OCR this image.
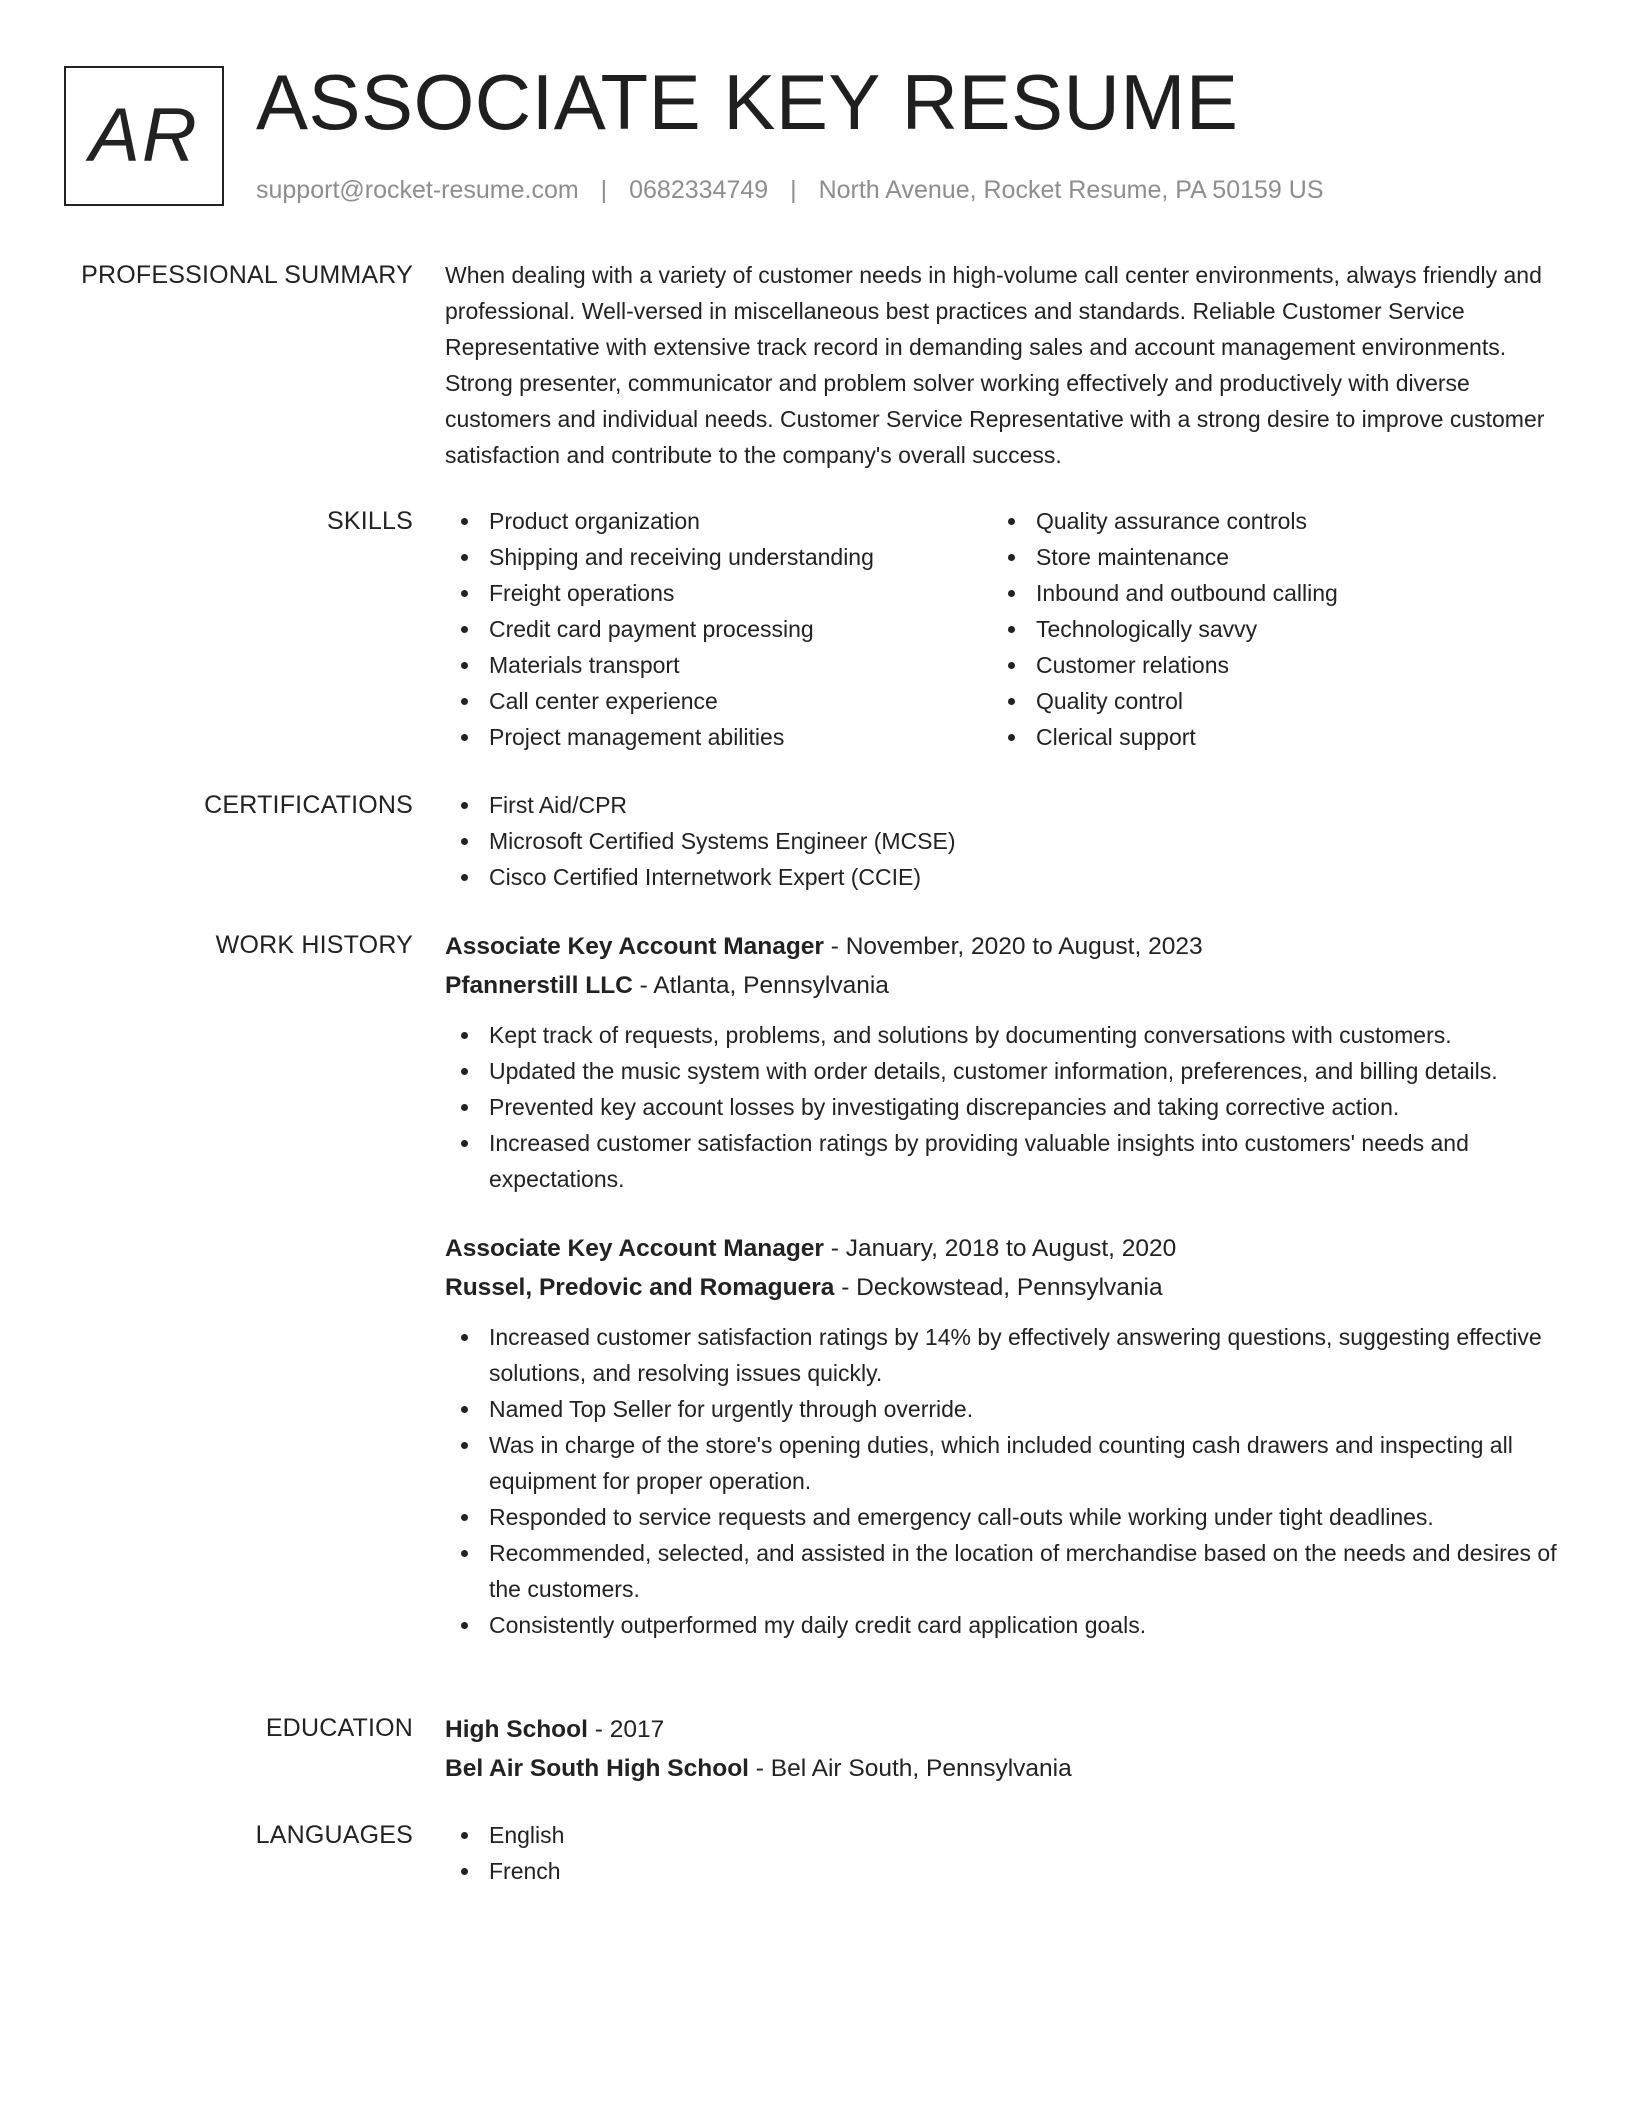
AR ASSOCIATE KEY RESUME
support@rocket-resume.com | 0682334749 | North Avenue, Rocket Resume, PA 50159 US
PROFESSIONAL SUMMARY When dealing with a variety of customer needs in high-volume call center environments, always friendly and professional. Well-versed in miscellaneous best practices and standards. Reliable Customer Service Representative with extensive track record in demanding sales and account management environments. Strong presenter, communicator and problem solver working effectively and productively with diverse customers and individual needs. Customer Service Representative with a strong desire to improve customer satisfaction and contribute to the company's overall success.

SKILLS	Product organization
Shipping and receiving understanding
Freight operations
Credit card payment processing
Materials transport
Call center experience
Project management abilities
Quality assurance controls
Store maintenance
Inbound and outbound calling
Technologically savvy
Customer relations
Quality control
Clerical support
CERTIFICATIONS	First Aid/CPR
Microsoft Certified Systems Engineer (MCSE)
Cisco Certified Internetwork Expert (CCIE)
WORK HISTORY Associate Key Account Manager - November, 2020 to August, 2023
Pfannerstill LLC - Atlanta, Pennsylvania
Kept track of requests, problems, and solutions by documenting conversations with customers.
Updated the music system with order details, customer information, preferences, and billing details.
Prevented key account losses by investigating discrepancies and taking corrective action.
Increased customer satisfaction ratings by providing valuable insights into customers' needs and expectations.
Associate Key Account Manager - January, 2018 to August, 2020
Russel, Predovic and Romaguera - Deckowstead, Pennsylvania
Increased customer satisfaction ratings by 14% by effectively answering questions, suggesting effective solutions, and resolving issues quickly.
Named Top Seller for urgently through override.
Was in charge of the store's opening duties, which included counting cash drawers and inspecting all equipment for proper operation.
Responded to service requests and emergency call-outs while working under tight deadlines.
Recommended, selected, and assisted in the location of merchandise based on the needs and desires of the customers.
Consistently outperformed my daily credit card application goals.
EDUCATION High School - 2017
Bel Air South High School - Bel Air South, Pennsylvania
LANGUAGES	English
French
